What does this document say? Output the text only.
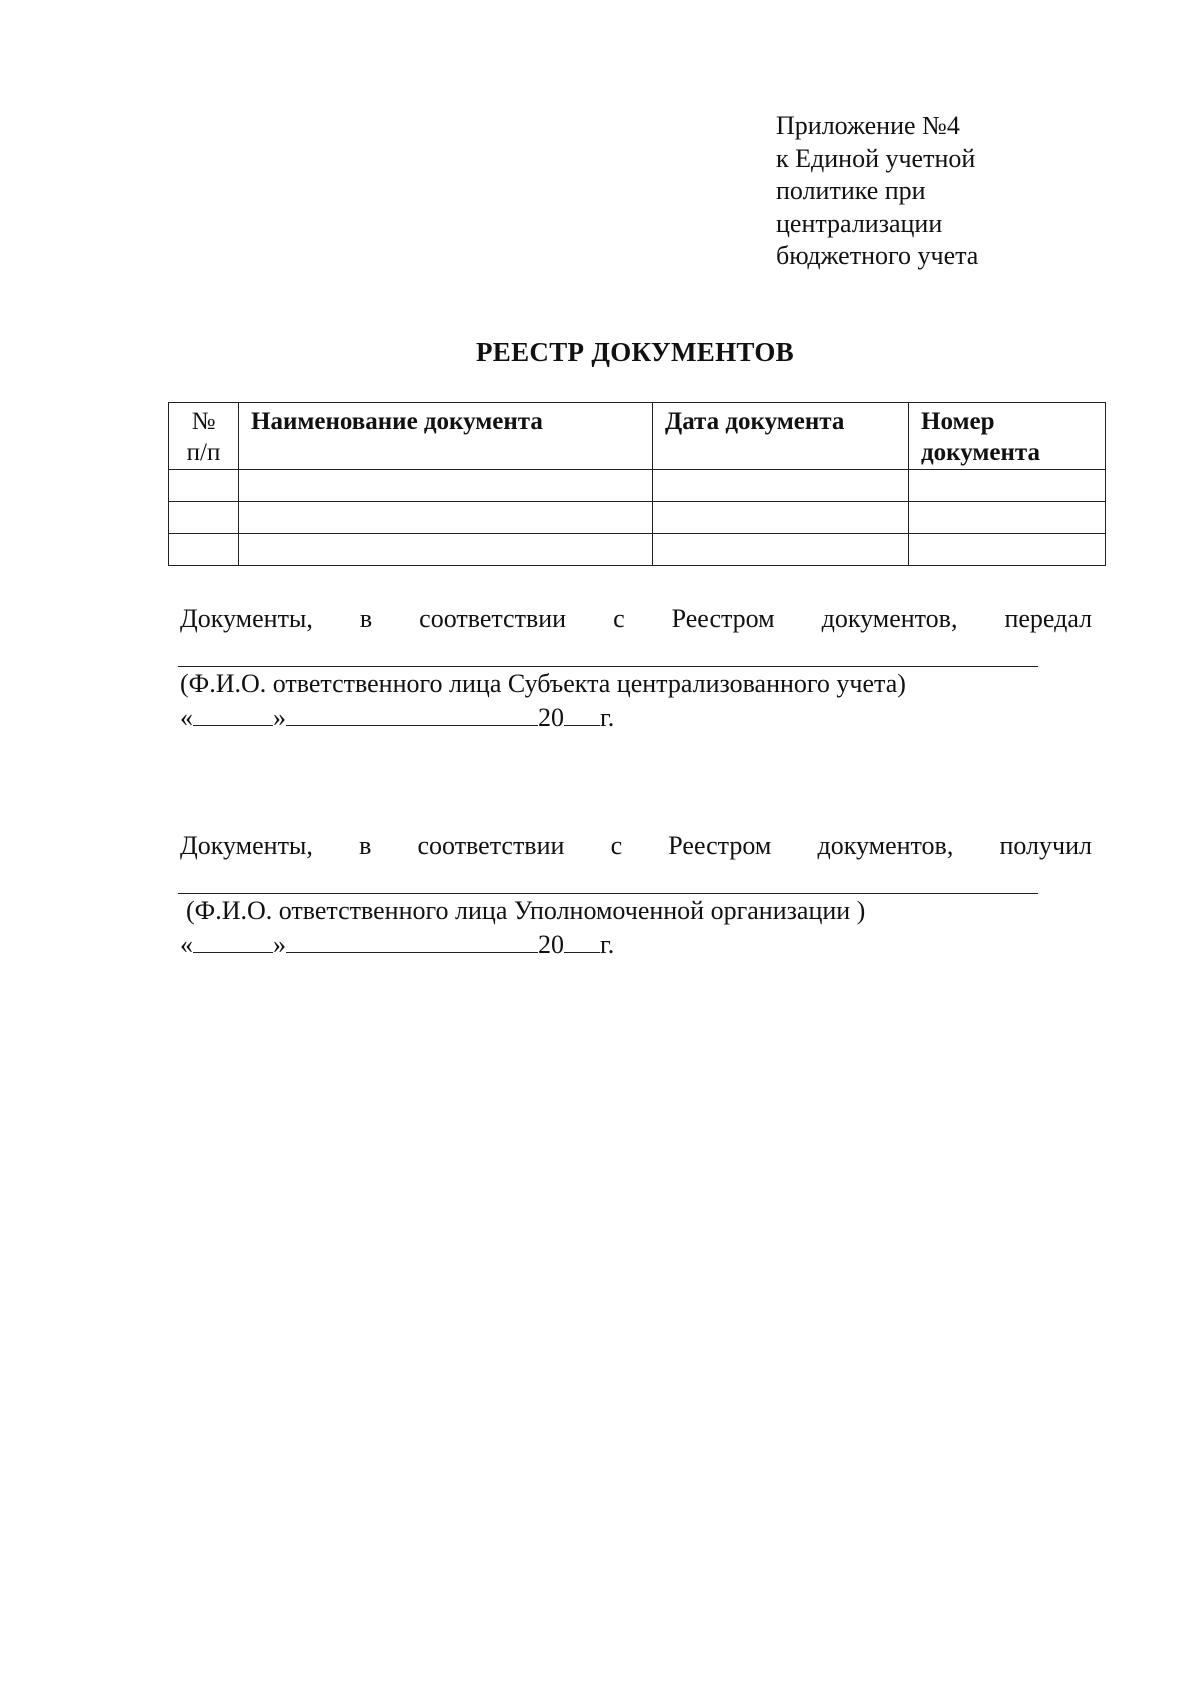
Приложение №4
к Единой учетной
политике при
централизации
бюджетного учета
РЕЕСТР ДОКУМЕНТОВ
№
п/п	Наименование документа	Дата документа	Номер
документа

Документы, в соответствии с Реестром документов, передал
(Ф.И.О. ответственного лица Субъекта централизованного учета)
«	»	20 г.
Документы, в соответствии с Реестром документов, получил
(Ф.И.О. ответственного лица Уполномоченной организации )
«	»	20 г.
